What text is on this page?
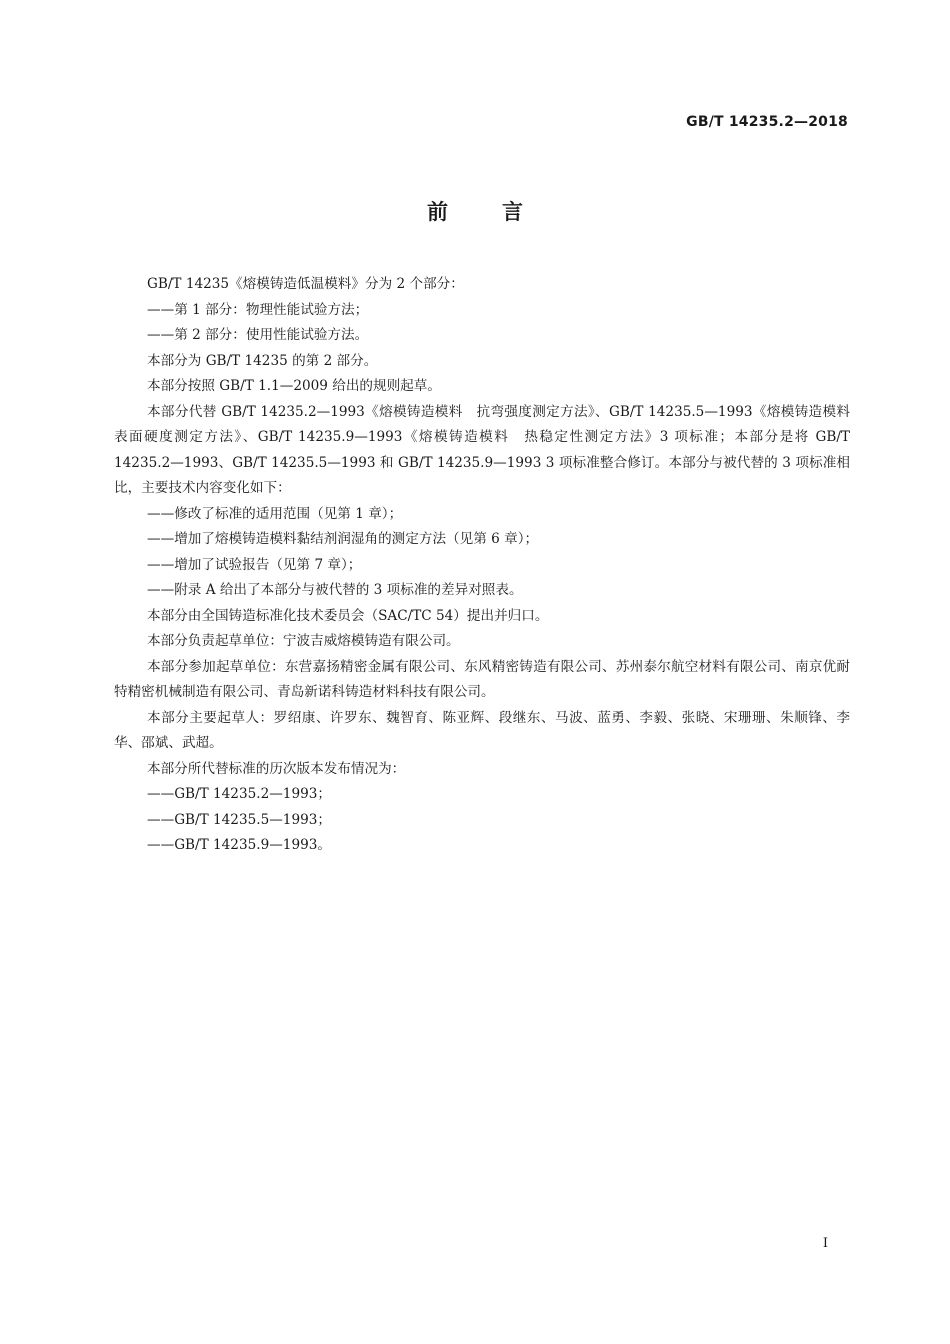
GB/T 14235.2—2018
前言

GB/T 14235《熔模铸造低温模料》分为 2 个部分：

——第 1 部分：物理性能试验方法；

——第 2 部分：使用性能试验方法。

本部分为 GB/T 14235 的第 2 部分。

本部分按照 GB/T 1.1—2009 给出的规则起草。

本部分代替 GB/T 14235.2—1993《熔模铸造模料　抗弯强度测定方法》、GB/T 14235.5—1993《熔模铸造模料　表面硬度测定方法》、GB/T 14235.9—1993《熔模铸造模料　热稳定性测定方法》3 项标准；本部分是将 GB/T 14235.2—1993、GB/T 14235.5—1993 和 GB/T 14235.9—1993 3 项标准整合修订。本部分与被代替的 3 项标准相比，主要技术内容变化如下：

——修改了标准的适用范围（见第 1 章）；

——增加了熔模铸造模料黏结剂润湿角的测定方法（见第 6 章）；

——增加了试验报告（见第 7 章）；

——附录 A 给出了本部分与被代替的 3 项标准的差异对照表。

本部分由全国铸造标准化技术委员会（SAC/TC 54）提出并归口。

本部分负责起草单位：宁波吉威熔模铸造有限公司。

本部分参加起草单位：东营嘉扬精密金属有限公司、东风精密铸造有限公司、苏州泰尔航空材料有限公司、南京优耐特精密机械制造有限公司、青岛新诺科铸造材料科技有限公司。

本部分主要起草人：罗绍康、许罗东、魏智育、陈亚辉、段继东、马波、蓝勇、李毅、张晓、宋珊珊、朱顺锋、李华、邵斌、武超。

本部分所代替标准的历次版本发布情况为：

——GB/T 14235.2—1993；

——GB/T 14235.5—1993；

——GB/T 14235.9—1993。

I
